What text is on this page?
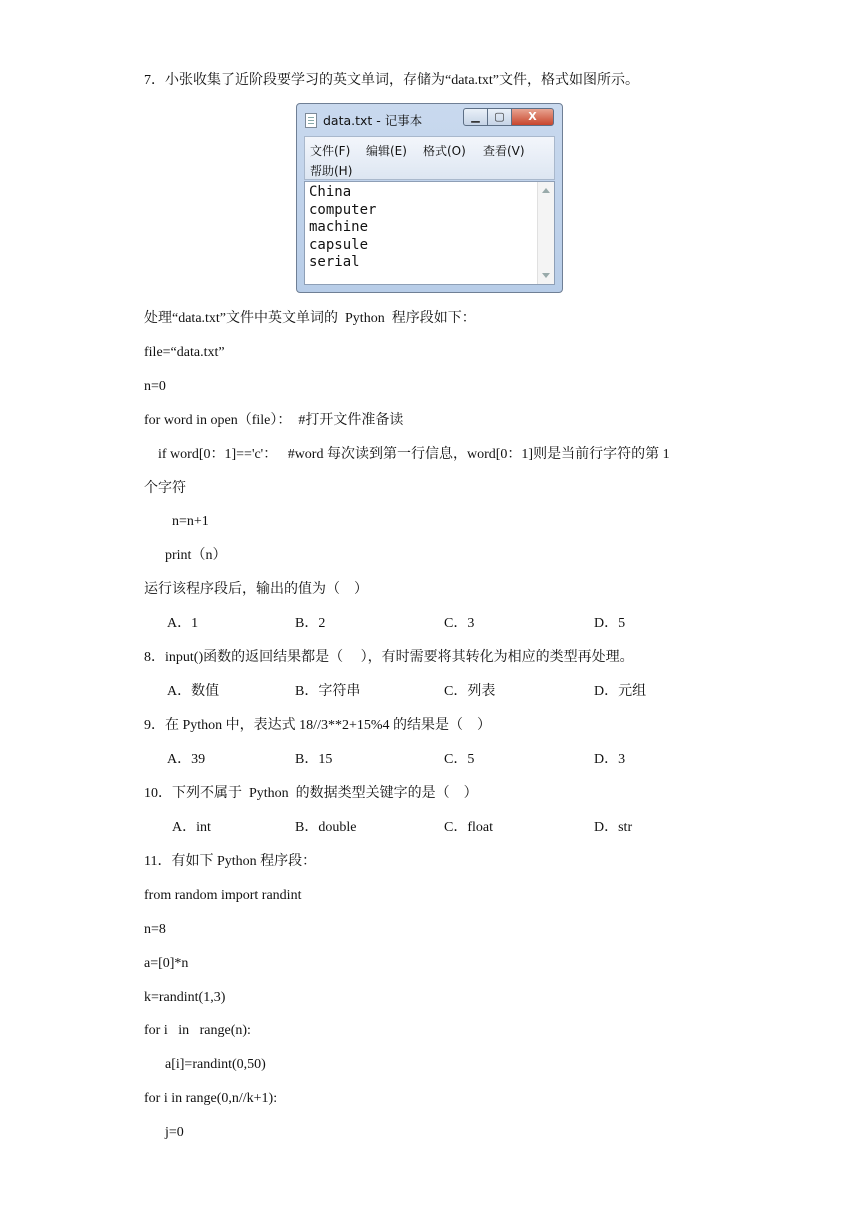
7．小张收集了近阶段要学习的英文单词，存储为“data.txt”文件，格式如图所示。
data.txt - 记事本	▁	▢	X
文件(F) 编辑(E) 格式(O) 查看(V)
帮助(H)
China
computer
machine
capsule
serial
处理“data.txt”文件中英文单词的  Python  程序段如下：
file=“data.txt”
n=0
for word in open（file）：  #打开文件准备读
if word[0：1]=='c'：   #word 每次读到第一行信息，word[0：1]则是当前行字符的第 1
个字符
n=n+1
print（n）
运行该程序段后，输出的值为（    ）
A．1	B．2	C．3	D．5
8．input()函数的返回结果都是（     ），有时需要将其转化为相应的类型再处理。
A．数值	B．字符串	C．列表	D．元组
9．在 Python 中，表达式 18//3**2+15%4 的结果是（    ）
A．39	B．15	C．5	D．3
10．下列不属于  Python  的数据类型关键字的是（    ）
A．int	B．double	C．float	D．str
11．有如下 Python 程序段：
from random import randint
n=8
a=[0]*n
k=randint(1,3)
for i   in   range(n):
a[i]=randint(0,50)
for i in range(0,n//k+1):
j=0
